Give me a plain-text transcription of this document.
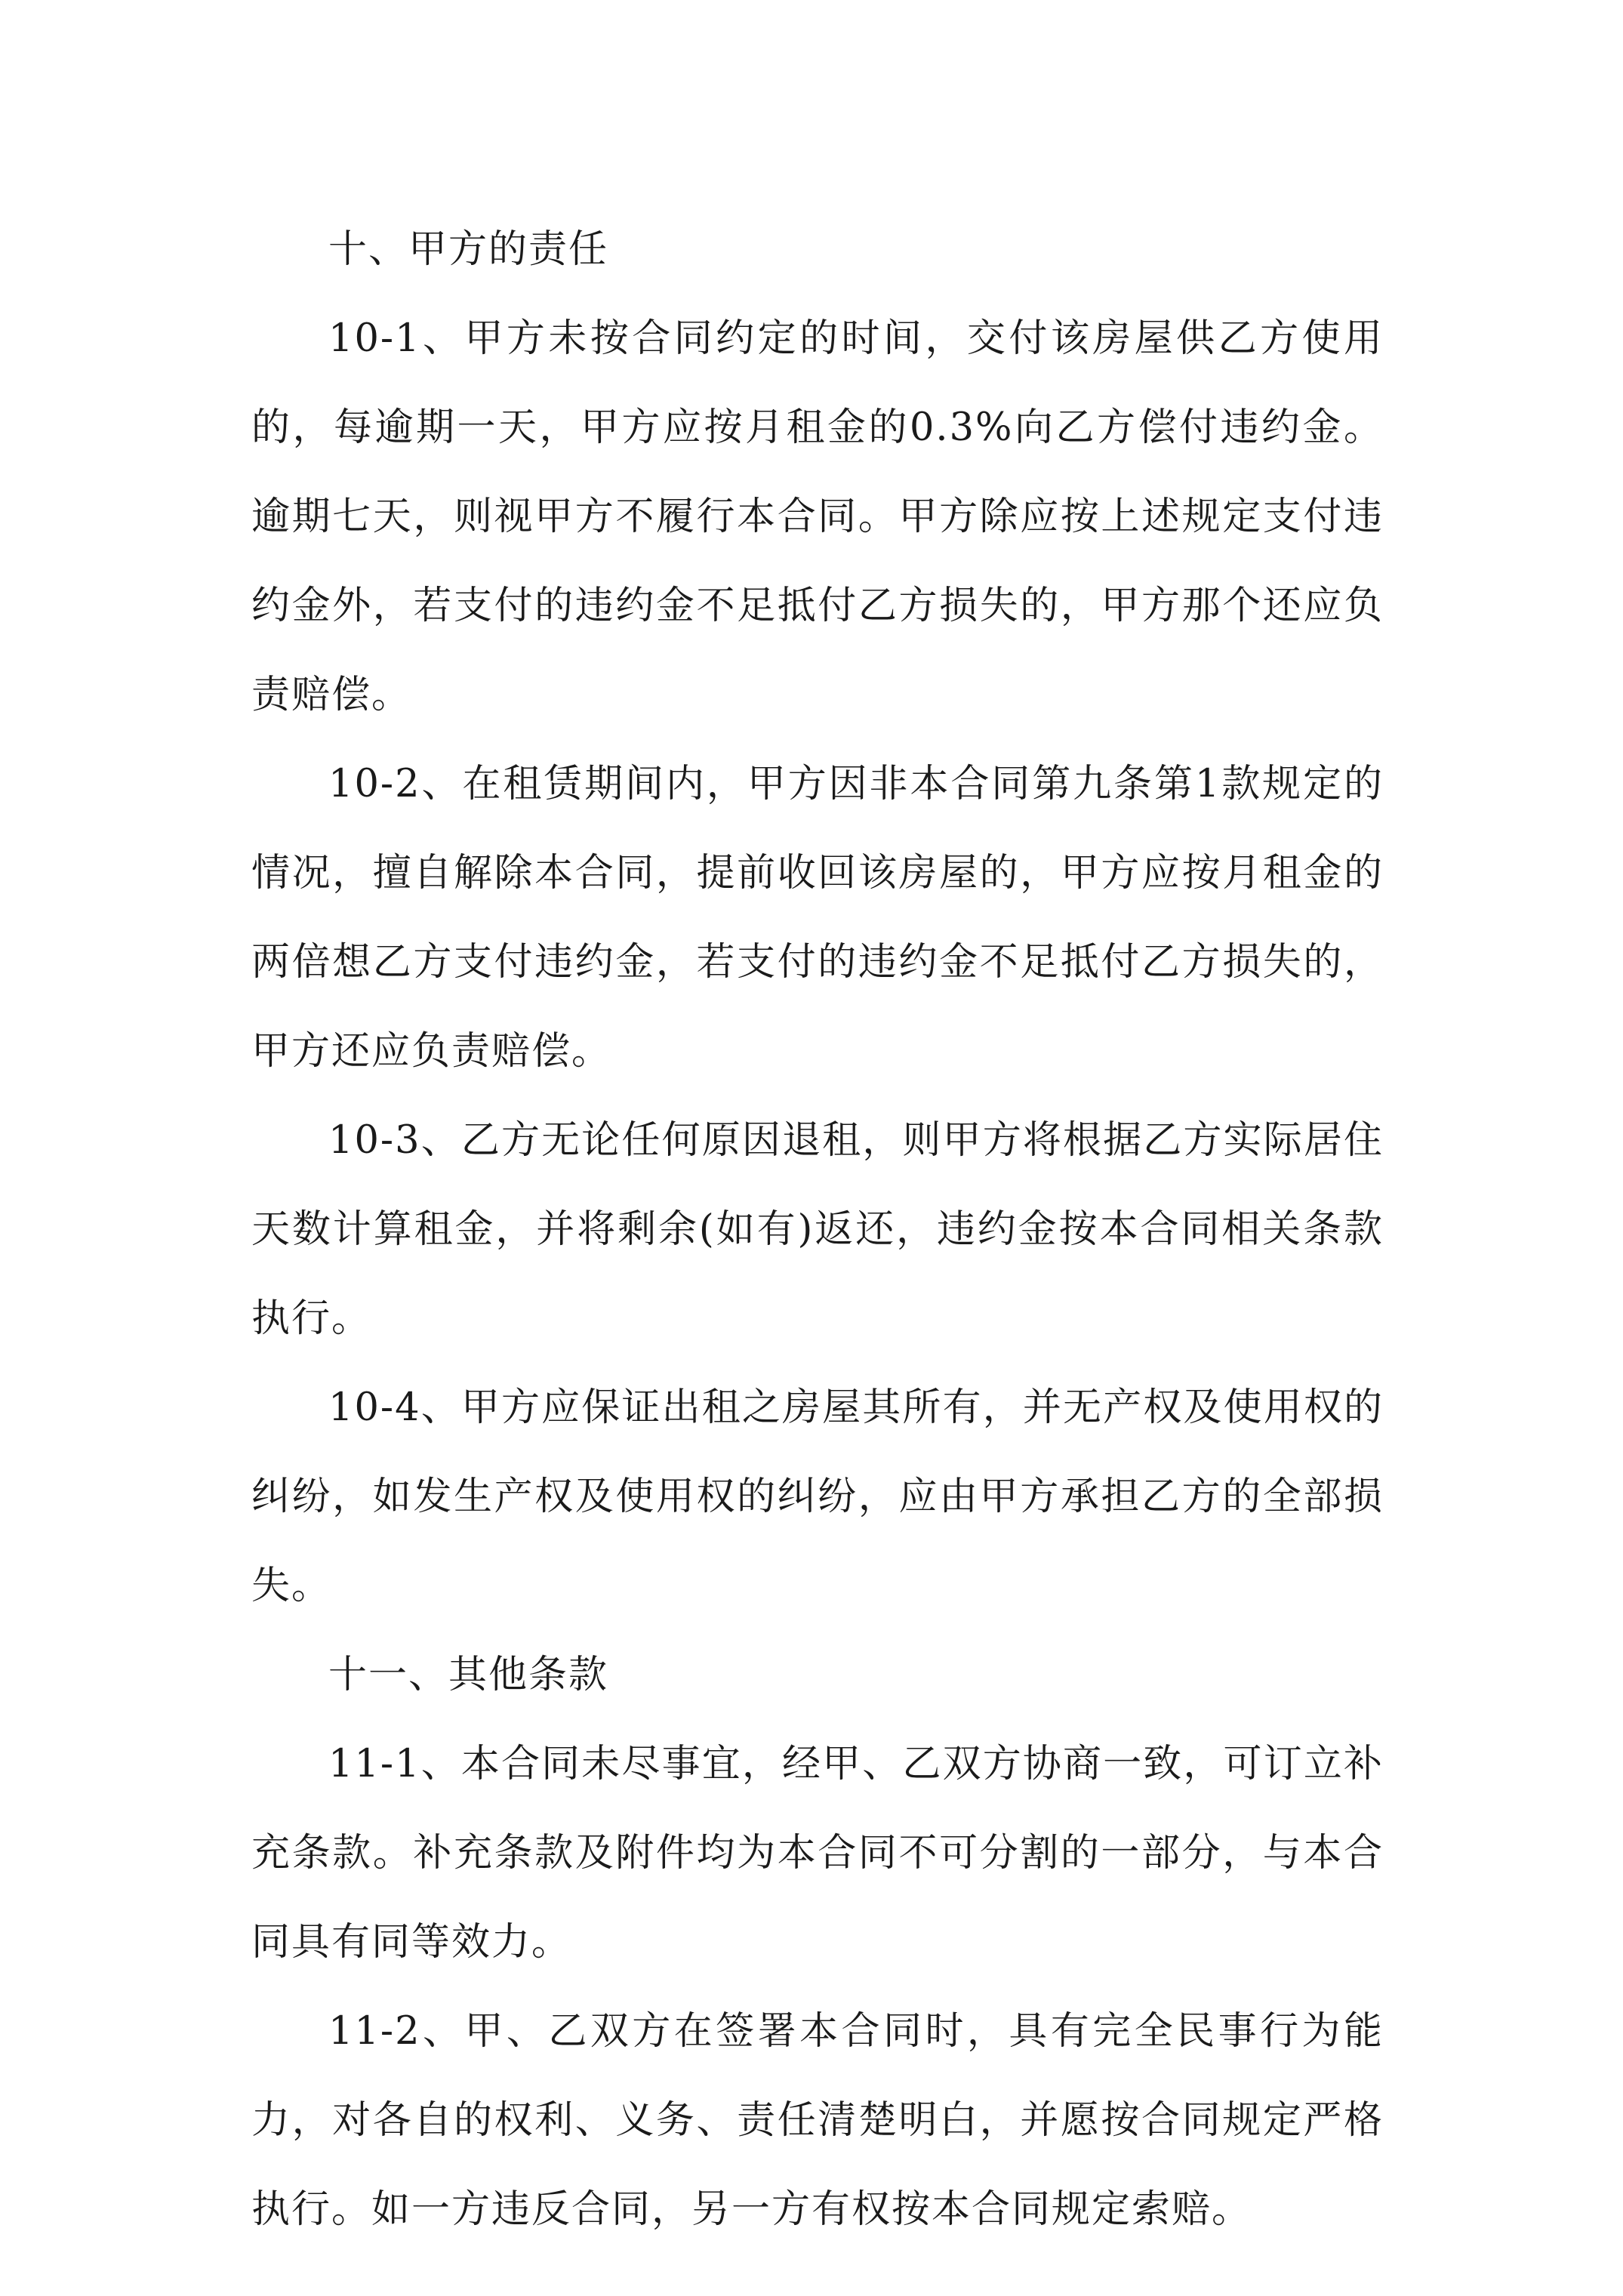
十、甲方的责任

10-1、甲方未按合同约定的时间，交付该房屋供乙方使用的，每逾期一天，甲方应按月租金的0.3%向乙方偿付违约金。逾期七天，则视甲方不履行本合同。甲方除应按上述规定支付违约金外，若支付的违约金不足抵付乙方损失的，甲方那个还应负责赔偿。

10-2、在租赁期间内，甲方因非本合同第九条第1款规定的情况，擅自解除本合同，提前收回该房屋的，甲方应按月租金的两倍想乙方支付违约金，若支付的违约金不足抵付乙方损失的，甲方还应负责赔偿。

10-3、乙方无论任何原因退租，则甲方将根据乙方实际居住天数计算租金，并将剩余(如有)返还，违约金按本合同相关条款执行。

10-4、甲方应保证出租之房屋其所有，并无产权及使用权的纠纷，如发生产权及使用权的纠纷，应由甲方承担乙方的全部损失。

十一、其他条款

11-1、本合同未尽事宜，经甲、乙双方协商一致，可订立补充条款。补充条款及附件均为本合同不可分割的一部分，与本合同具有同等效力。

11-2、甲、乙双方在签署本合同时，具有完全民事行为能力，对各自的权利、义务、责任清楚明白，并愿按合同规定严格执行。如一方违反合同，另一方有权按本合同规定索赔。
